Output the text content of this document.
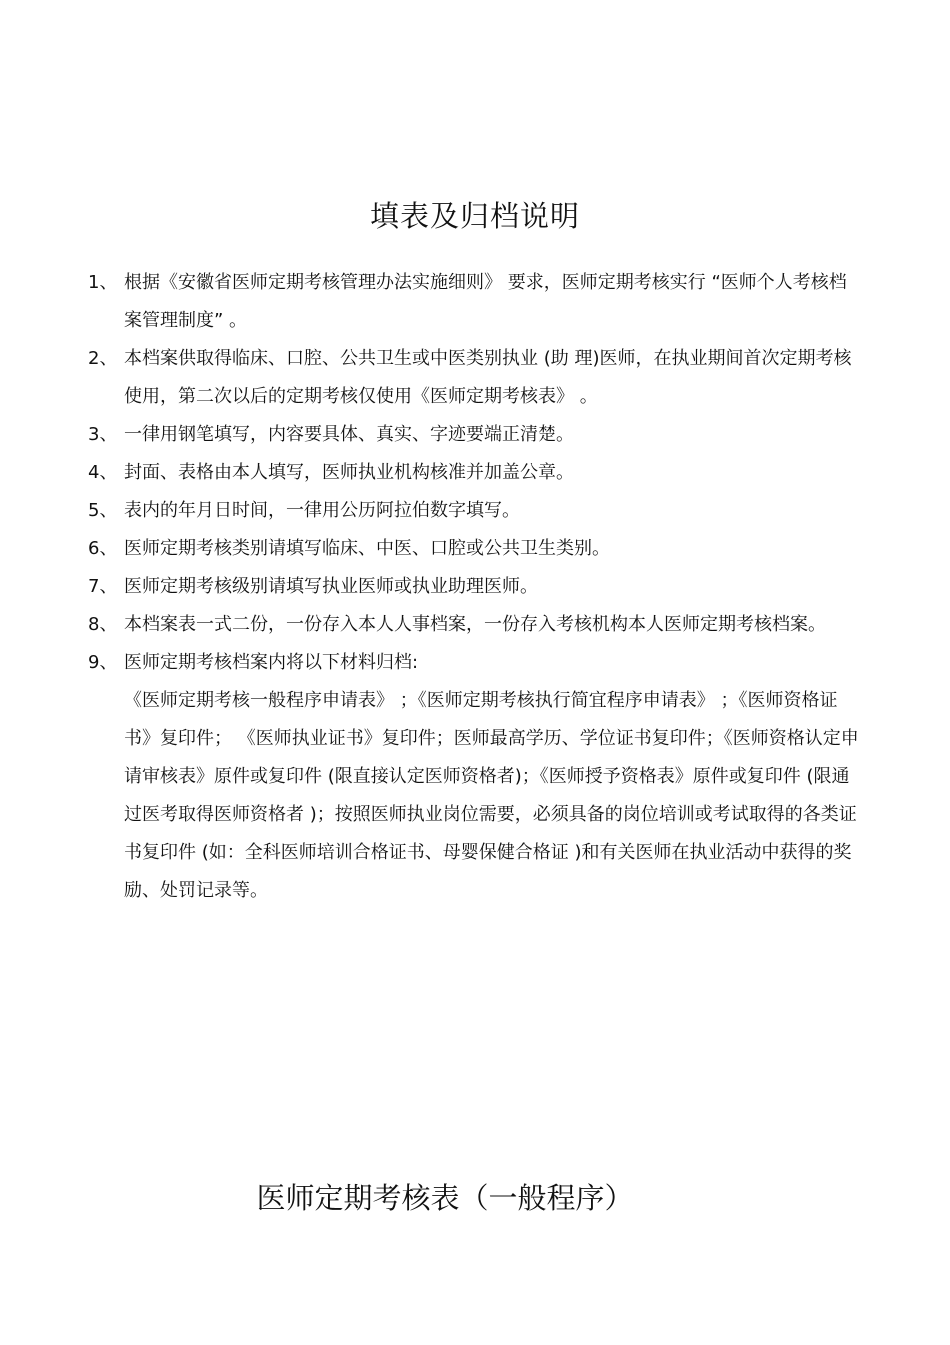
填表及归档说明
1、 根据《安徽省医师定期考核管理办法实施细则》 要求，医师定期考核实行 “医师个人考核档案管理制度” 。

2、 本档案供取得临床、口腔、公共卫生或中医类别执业 (助 理)医师，在执业期间首次定期考核使用，第二次以后的定期考核仅使用《医师定期考核表》 。

3、 一律用钢笔填写，内容要具体、真实、字迹要端正清楚。

4、 封面、表格由本人填写，医师执业机构核准并加盖公章。

5、 表内的年月日时间，一律用公历阿拉伯数字填写。

6、 医师定期考核类别请填写临床、中医、口腔或公共卫生类别。

7、 医师定期考核级别请填写执业医师或执业助理医师。

8、 本档案表一式二份，一份存入本人人事档案，一份存入考核机构本人医师定期考核档案。

9、 医师定期考核档案内将以下材料归档:

《医师定期考核一般程序申请表》 ；《医师定期考核执行简宜程序申请表》 ；《医师资格证书》复印件； 《医师执业证书》复印件；医师最高学历、学位证书复印件；《医师资格认定申请审核表》原件或复印件 (限直接认定医师资格者)；《医师授予资格表》原件或复印件 (限通过医考取得医师资格者 )；按照医师执业岗位需要，必须具备的岗位培训或考试取得的各类证书复印件 (如：全科医师培训合格证书、母婴保健合格证 )和有关医师在执业活动中获得的奖励、处罚记录等。

医师定期考核表（一般程序）
